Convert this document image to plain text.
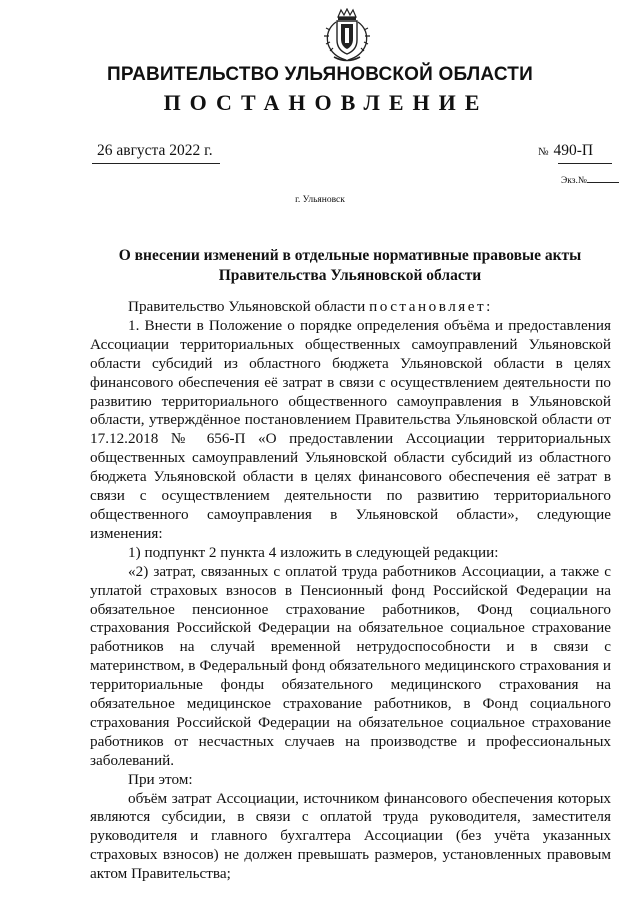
ПРАВИТЕЛЬСТВО УЛЬЯНОВСКОЙ ОБЛАСТИ
ПОСТАНОВЛЕНИЕ
26 августа 2022 г.	№ 490-П
Экз.№
г. Ульяновск
О внесении изменений в отдельные нормативные правовые акты
Правительства Ульяновской области

Правительство Ульяновской области постановляет:

1. Внести в Положение о порядке определения объёма и предоставления Ассоциации территориальных общественных самоуправлений Ульяновской области субсидий из областного бюджета Ульяновской области в целях финансового обеспечения её затрат в связи с осуществлением деятельности по развитию территориального общественного самоуправления в Ульяновской области, утверждённое постановлением Правительства Ульяновской области от 17.12.2018 № 656-П «О предоставлении Ассоциации территориальных общественных самоуправлений Ульяновской области субсидий из областного бюджета Ульяновской области в целях финансового обеспечения её затрат в связи с осуществлением деятельности по развитию территориального общественного самоуправления в Ульяновской области», следующие изменения:

1) подпункт 2 пункта 4 изложить в следующей редакции:

«2) затрат, связанных с оплатой труда работников Ассоциации, а также с уплатой страховых взносов в Пенсионный фонд Российской Федерации на обязательное пенсионное страхование работников, Фонд социального страхования Российской Федерации на обязательное социальное страхование работников на случай временной нетрудоспособности и в связи с материнством, в Федеральный фонд обязательного медицинского страхования и территориальные фонды обязательного медицинского страхования на обязательное медицинское страхование работников, в Фонд социального страхования Российской Федерации на обязательное социальное страхование работников от несчастных случаев на производстве и профессиональных заболеваний.

При этом:

объём затрат Ассоциации, источником финансового обеспечения которых являются субсидии, в связи с оплатой труда руководителя, заместителя руководителя и главного бухгалтера Ассоциации (без учёта указанных страховых взносов) не должен превышать размеров, установленных правовым актом Правительства;
